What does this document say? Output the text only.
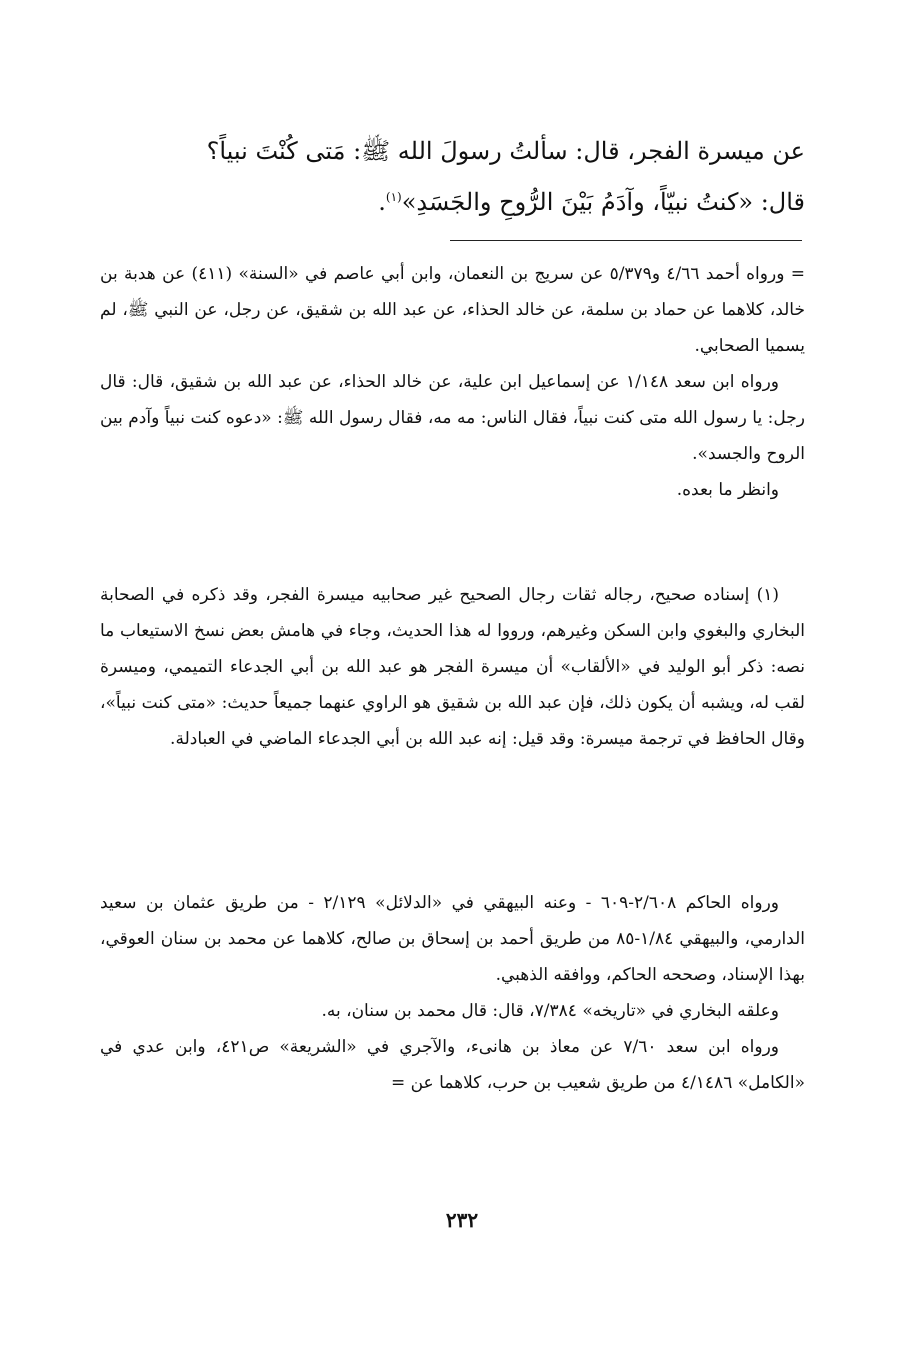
عن ميسرة الفجر، قال: سألتُ رسولَ الله ﷺ: مَتى كُنْتَ نبياً؟
قال: «كنتُ نبيّاً، وآدَمُ بَيْنَ الرُّوحِ والجَسَدِ»$^{(١)}$.

= ورواه أحمد ٤/٦٦ و٥/٣٧٩ عن سريج بن النعمان، وابن أبي عاصم في «السنة» (٤١١) عن هدبة بن خالد، كلاهما عن حماد بن سلمة، عن خالد الحذاء، عن عبد الله بن شقيق، عن رجل، عن النبي ﷺ، لم يسميا الصحابي.

ورواه ابن سعد ١/١٤٨ عن إسماعيل ابن علية، عن خالد الحذاء، عن عبد الله بن شقيق، قال: قال رجل: يا رسول الله متى كنت نبياً، فقال الناس: مه مه، فقال رسول الله ﷺ: «دعوه كنت نبياً وآدم بين الروح والجسد».

وانظر ما بعده.

(١) إسناده صحيح، رجاله ثقات رجال الصحيح غير صحابيه ميسرة الفجر، وقد ذكره في الصحابة البخاري والبغوي وابن السكن وغيرهم، ورووا له هذا الحديث، وجاء في هامش بعض نسخ الاستيعاب ما نصه: ذكر أبو الوليد في «الألقاب» أن ميسرة الفجر هو عبد الله بن أبي الجدعاء التميمي، وميسرة لقب له، ويشبه أن يكون ذلك، فإن عبد الله بن شقيق هو الراوي عنهما جميعاً حديث: «متى كنت نبياً»، وقال الحافظ في ترجمة ميسرة: وقد قيل: إنه عبد الله بن أبي الجدعاء الماضي في العبادلة.

ورواه الحاكم ٢/٦٠٨-٦٠٩ - وعنه البيهقي في «الدلائل» ٢/١٢٩ - من طريق عثمان بن سعيد الدارمي، والبيهقي ١/٨٤-٨٥ من طريق أحمد بن إسحاق بن صالح، كلاهما عن محمد بن سنان العوقي، بهذا الإسناد، وصححه الحاكم، ووافقه الذهبي.

وعلقه البخاري في «تاريخه» ٧/٣٨٤، قال: قال محمد بن سنان، به.

ورواه ابن سعد ٧/٦٠ عن معاذ بن هانىء، والآجري في «الشريعة» ص٤٢١، وابن عدي في «الكامل» ٤/١٤٨٦ من طريق شعيب بن حرب، كلاهما عن =

٢٣٢
